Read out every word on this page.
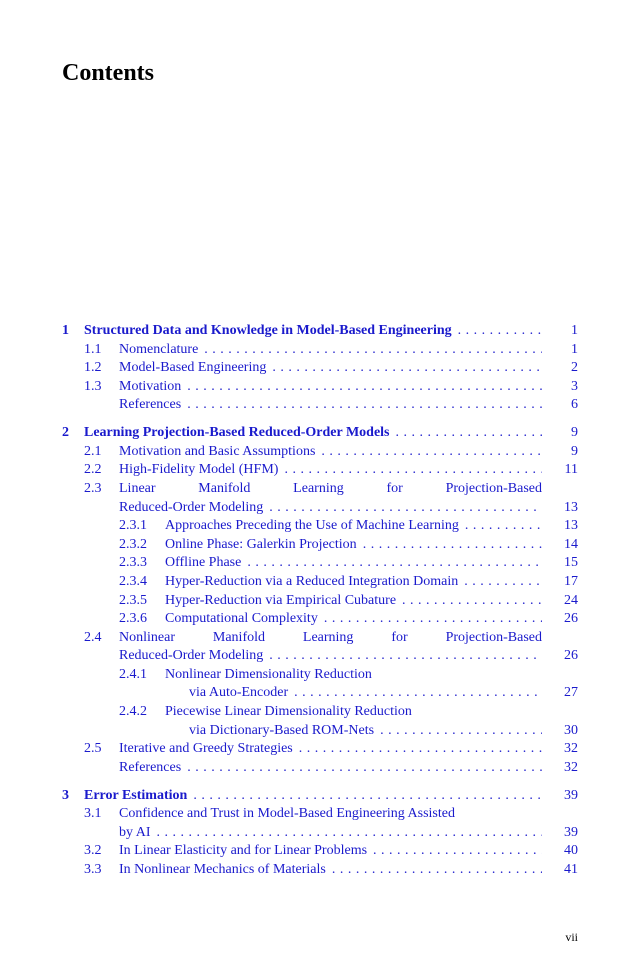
Contents
1 Structured Data and Knowledge in Model-Based Engineering . . .	1
1.1 Nomenclature . . .	1
1.2 Model-Based Engineering . . .	2
1.3 Motivation . . .	3
References . . .	6
2 Learning Projection-Based Reduced-Order Models . . .	9
2.1 Motivation and Basic Assumptions . . .	9
2.2 High-Fidelity Model (HFM) . . .	11
2.3 Linear Manifold Learning for Projection-Based
Reduced-Order Modeling . . .	13
2.3.1 Approaches Preceding the Use of Machine Learning . . .	13
2.3.2 Online Phase: Galerkin Projection . . .	14
2.3.3 Offline Phase . . .	15
2.3.4 Hyper-Reduction via a Reduced Integration Domain . . .	17
2.3.5 Hyper-Reduction via Empirical Cubature . . .	24
2.3.6 Computational Complexity . . .	26
2.4 Nonlinear Manifold Learning for Projection-Based
Reduced-Order Modeling . . .	26
2.4.1 Nonlinear Dimensionality Reduction
via Auto-Encoder . . .	27
2.4.2 Piecewise Linear Dimensionality Reduction
via Dictionary-Based ROM-Nets . . .	30
2.5 Iterative and Greedy Strategies . . .	32
References . . .	32
3 Error Estimation . . .	39
3.1 Confidence and Trust in Model-Based Engineering Assisted
by AI . . .	39
3.2 In Linear Elasticity and for Linear Problems . . .	40
3.3 In Nonlinear Mechanics of Materials . . .	41
vii
